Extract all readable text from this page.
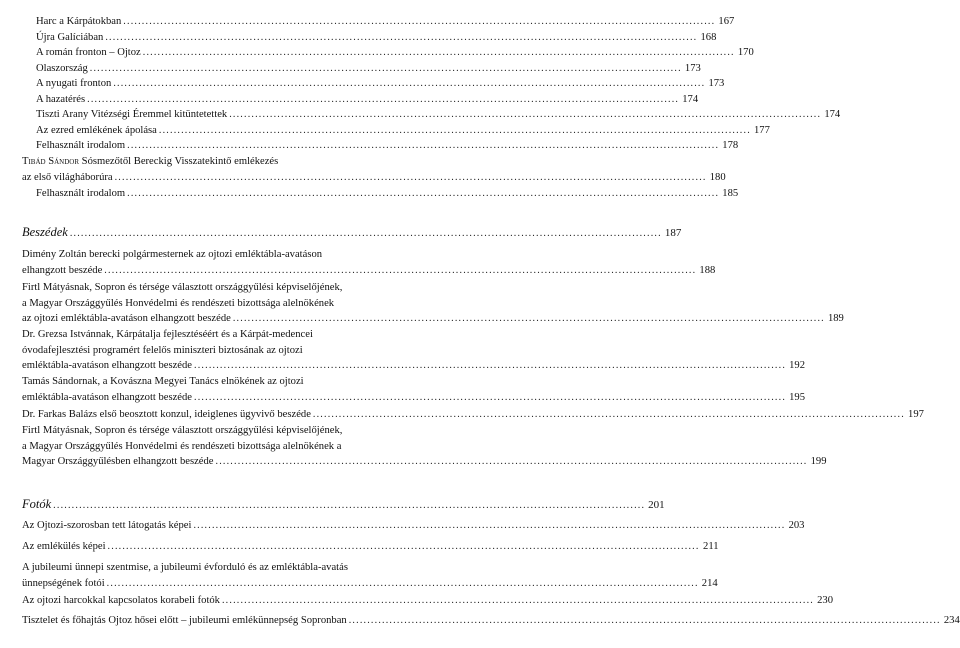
Harc a Kárpátokban ................................................................................................................................................................ 167
Újra Galíciában ................................................................................................................................................................ 168
A román fronton – Ojtoz ................................................................................................................................................................ 170
Olaszország ................................................................................................................................................................ 173
A nyugati fronton ................................................................................................................................................................ 173
A hazatérés ................................................................................................................................................................ 174
Tiszti Arany Vitézségi Éremmel kitüntetettek ................................................................................................................................................................ 174
Az ezred emlékének ápolása ................................................................................................................................................................ 177
Felhasznált irodalom ................................................................................................................................................................ 178
Tibád Sándor Sósmezőtől Bereckig Visszatekintő emlékezés
az első világháborúra ................................................................................................................................................................ 180
Felhasznált irodalom ................................................................................................................................................................ 185
Beszédek ................................................................................................................................................................ 187
Dimény Zoltán berecki polgármesternek az ojtozi emléktábla-avatáson
elhangzott beszéde ................................................................................................................................................................ 188
Firtl Mátyásnak, Sopron és térsége választott országgyűlési képviselőjének,
a Magyar Országgyűlés Honvédelmi és rendészeti bizottsága alelnökének
az ojtozi emléktábla-avatáson elhangzott beszéde ................................................................................................................................................................ 189
Dr. Grezsa Istvánnak, Kárpátalja fejlesztéséért és a Kárpát-medencei
óvodafejlesztési programért felelős miniszteri biztosának az ojtozi
emléktábla-avatáson elhangzott beszéde ................................................................................................................................................................ 192
Tamás Sándornak, a Kovászna Megyei Tanács elnökének az ojtozi
emléktábla-avatáson elhangzott beszéde ................................................................................................................................................................ 195
Dr. Farkas Balázs első beosztott konzul, ideiglenes ügyvivő beszéde ................................................................................................................................................................ 197
Firtl Mátyásnak, Sopron és térsége választott országgyűlési képviselőjének,
a Magyar Országgyűlés Honvédelmi és rendészeti bizottsága alelnökének a
Magyar Országgyűlésben elhangzott beszéde ................................................................................................................................................................ 199
Fotók ................................................................................................................................................................ 201
Az Ojtozi-szorosban tett látogatás képei ................................................................................................................................................................ 203
Az emlékülés képei ................................................................................................................................................................ 211
A jubileumi ünnepi szentmise, a jubileumi évforduló és az emléktábla-avatás
ünnepségének fotói ................................................................................................................................................................ 214
Az ojtozi harcokkal kapcsolatos korabeli fotók ................................................................................................................................................................ 230
Tisztelet és főhajtás Ojtoz hősei előtt – jubileumi emlékünnepség Sopronban ................................................................................................................................................................ 234
